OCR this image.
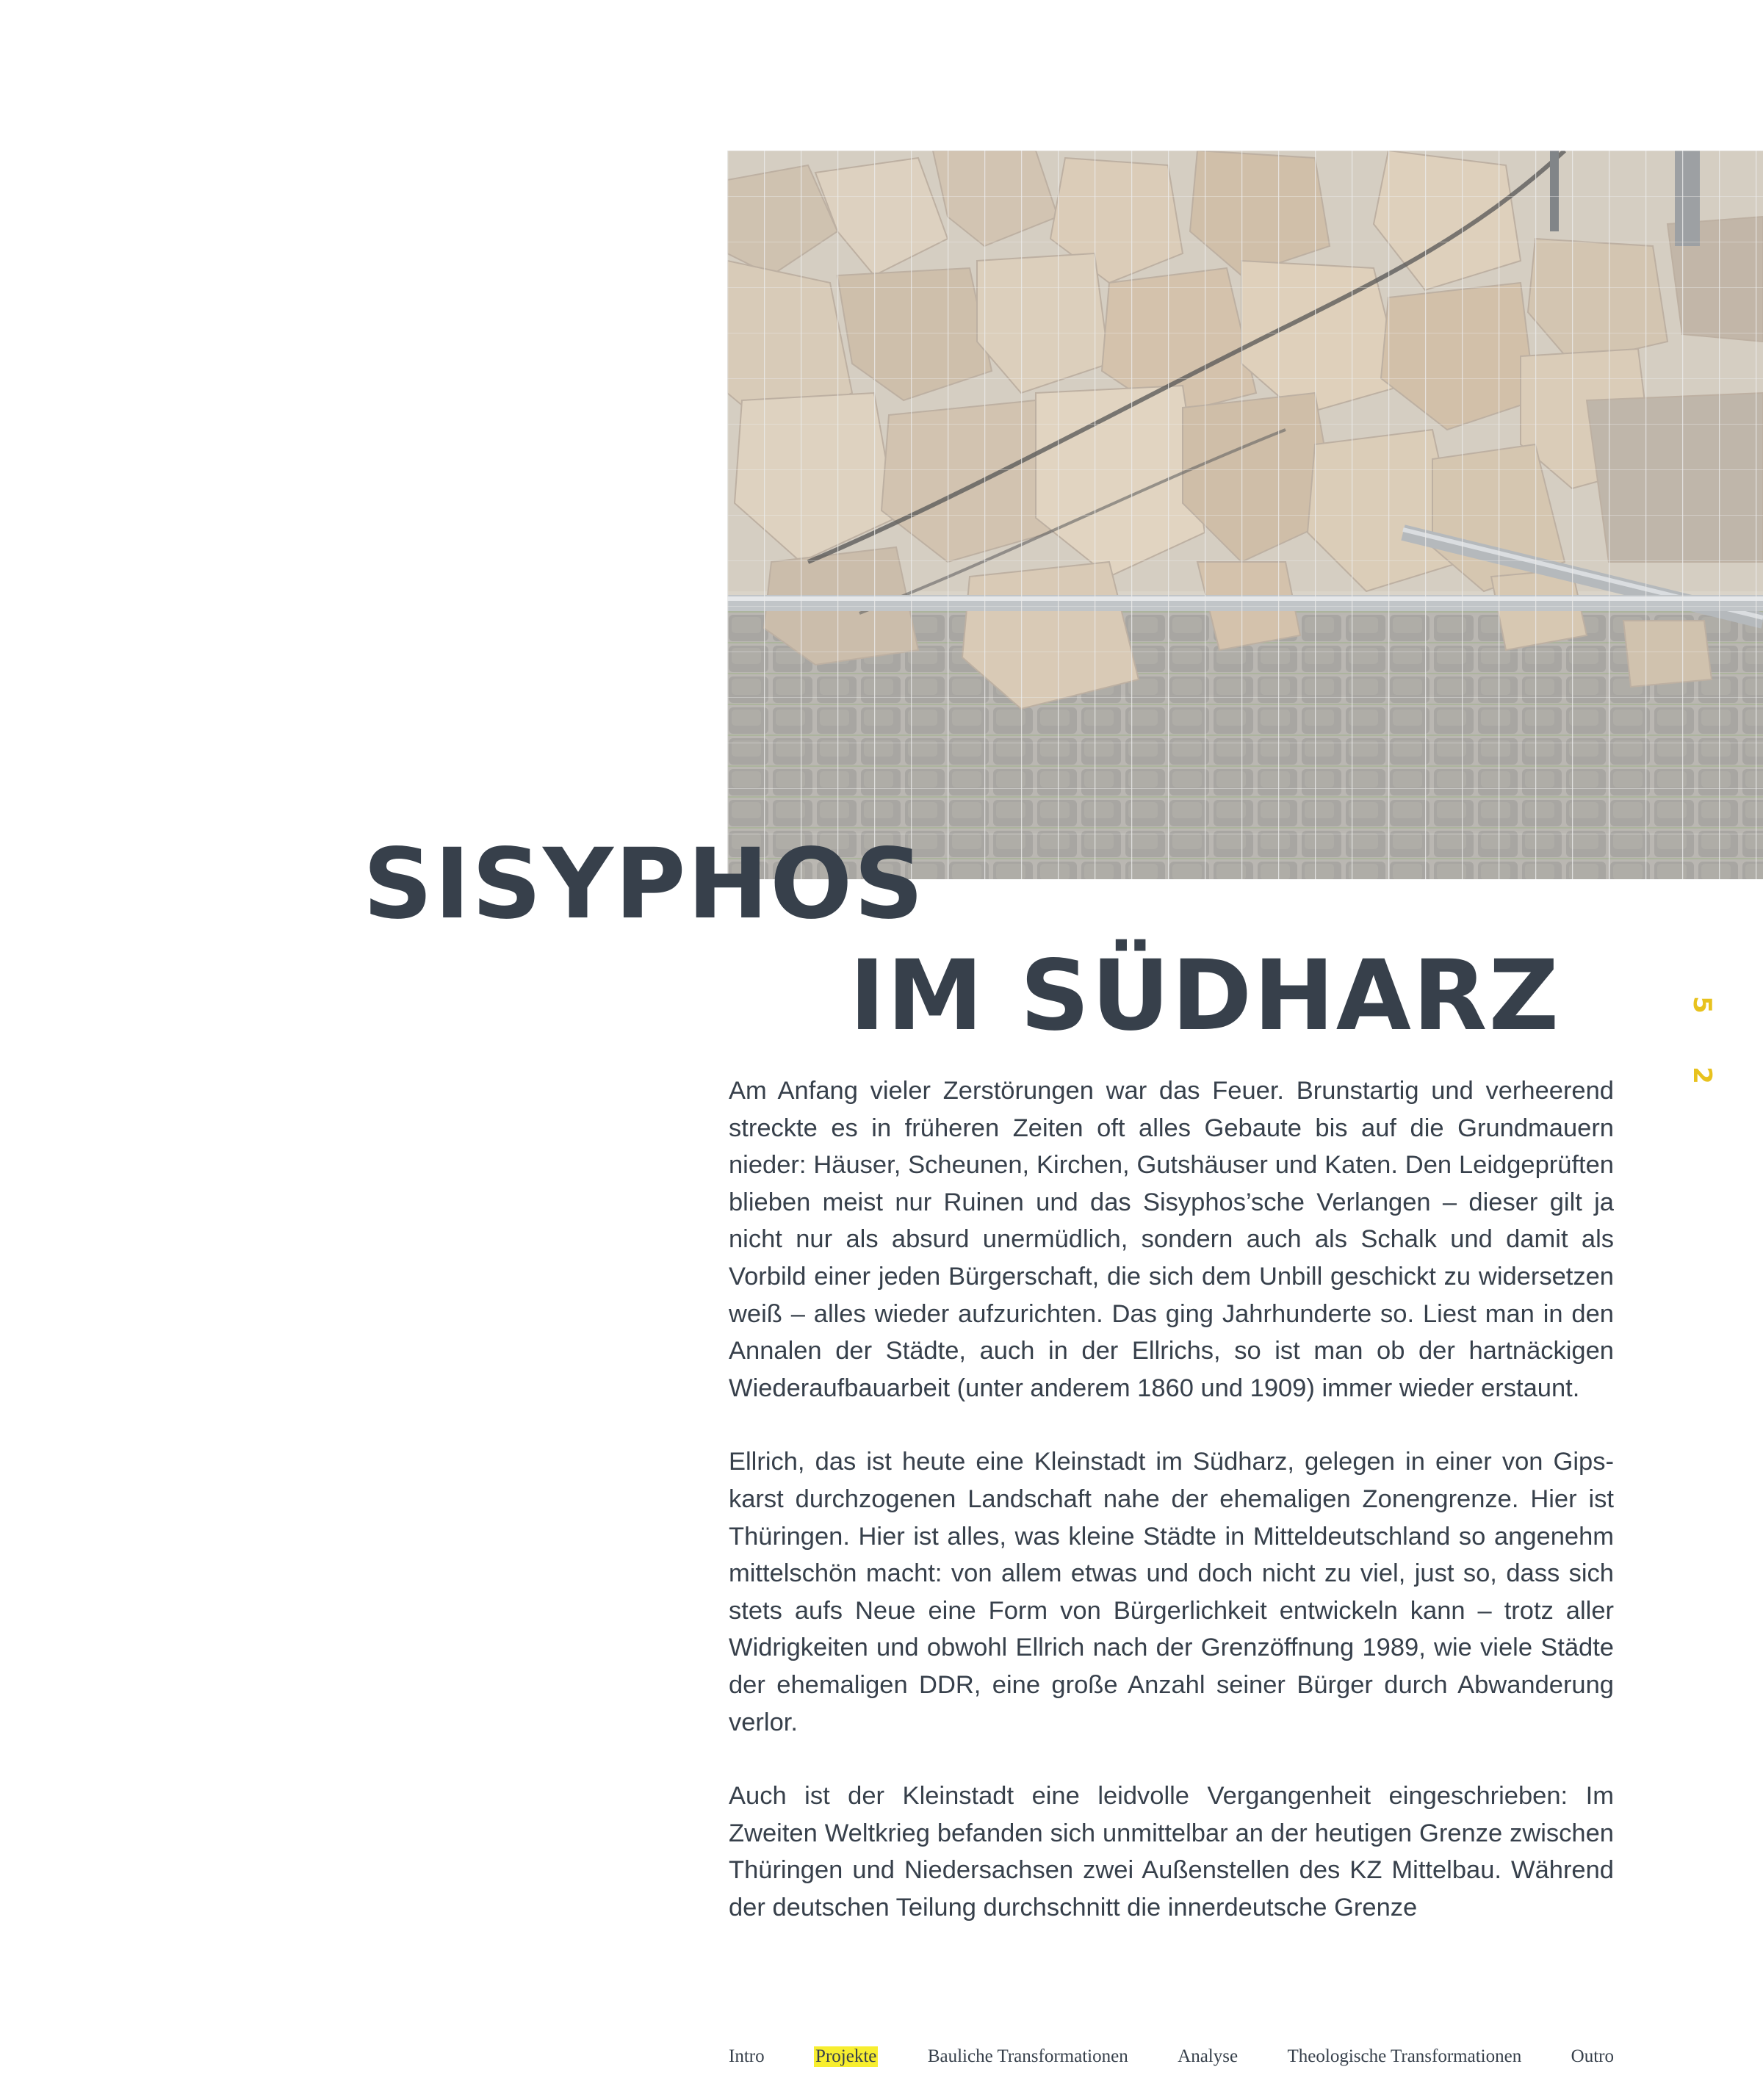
SISYPHOS
IM SÜDHARZ	5
2

Am Anfang vieler Zerstörungen war das Feuer. Brunstartig und verheerend streckte es in früheren Zeiten oft alles Gebaute bis auf die Grundmauern nieder: Häuser, Scheunen, Kirchen, Gutshäuser und Katen. Den Leidgeprüften blieben meist nur Ruinen und das Sisyphos’sche Verlangen – dieser gilt ja nicht nur als absurd unermüdlich, sondern auch als Schalk und damit als Vorbild einer jeden Bürgerschaft, die sich dem Unbill geschickt zu widersetzen weiß – alles wieder aufzurichten. Das ging Jahrhunderte so. Liest man in den Annalen der Städte, auch in der Ellrichs, so ist man ob der hartnäckigen Wiederaufbauarbeit (unter anderem 1860 und 1909) immer wieder erstaunt.

Ellrich, das ist heute eine Kleinstadt im Südharz, gelegen in einer von Gipskarst durchzogenen Landschaft nahe der ehemaligen Zonengrenze. Hier ist Thüringen. Hier ist alles, was kleine Städte in Mitteldeutschland so angenehm mittelschön macht: von allem etwas und doch nicht zu viel, just so, dass sich stets aufs Neue eine Form von Bürgerlichkeit entwickeln kann – trotz aller Widrigkeiten und obwohl Ellrich nach der Grenzöffnung 1989, wie viele Städte der ehemaligen DDR, eine große Anzahl seiner Bürger durch Abwanderung verlor.

Auch ist der Kleinstadt eine leidvolle Vergangenheit eingeschrieben: Im Zweiten Weltkrieg befanden sich unmittelbar an der heutigen Grenze zwischen Thüringen und Niedersachsen zwei Außenstellen des KZ Mittelbau. Während der deutschen Teilung durchschnitt die innerdeutsche Grenze

Intro	Projekte	Bauliche Transformationen	Analyse	Theologische Transformationen	Outro
